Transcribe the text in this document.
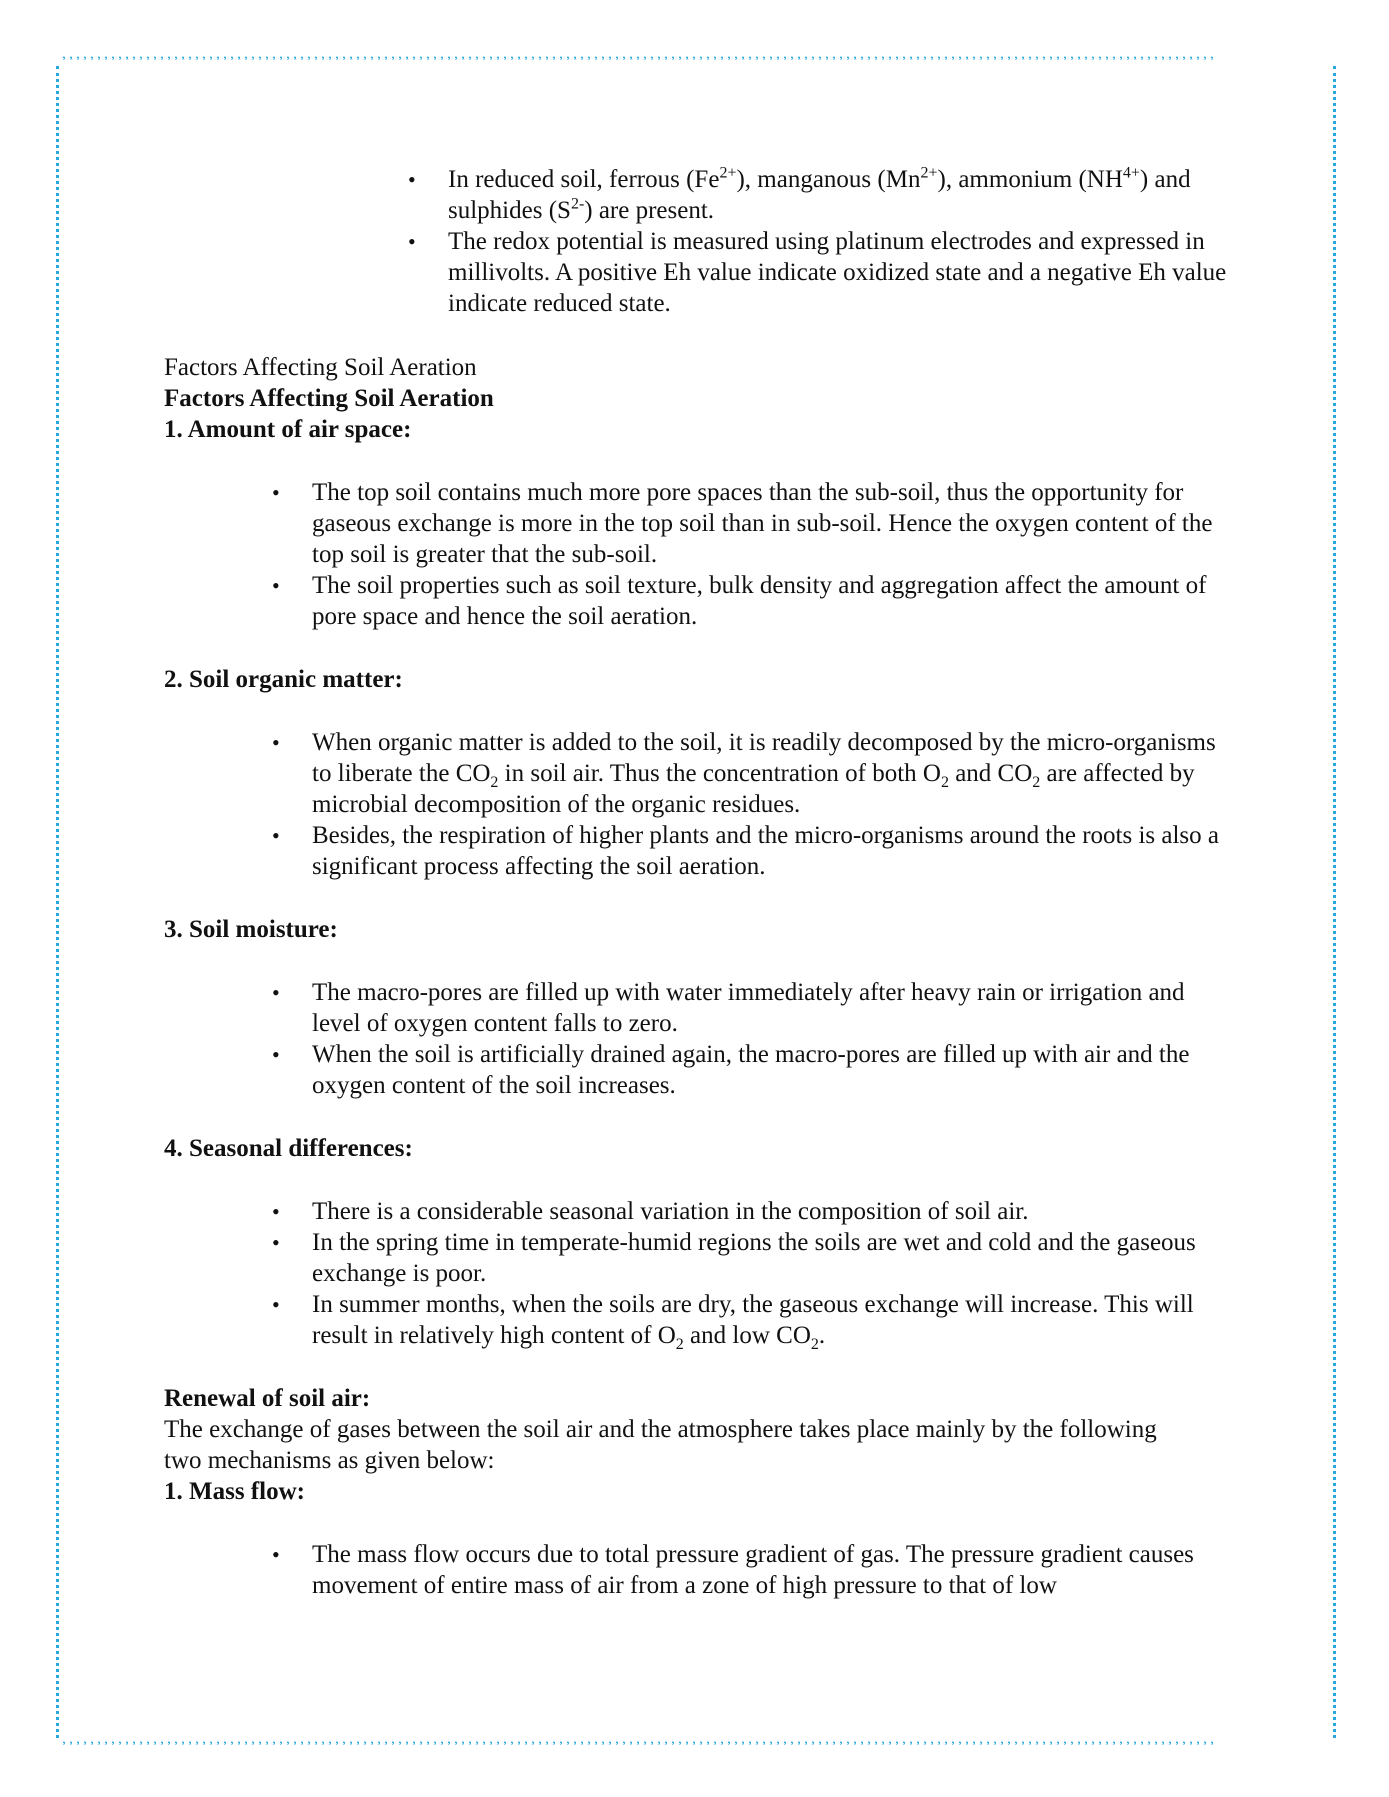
,,,,,,,,,,,,,,,,,,,,,,,,,,,,,,,,,,,,,,,,,,,,,,,,,,,,,,,,,,,,,,,,,,,,,,,,,,,,,,,,,,,,,,,,,,,,,,,,,,,,,,,,,,,,,,,,,,,,,,,,,,,,,,,,,,,,,,,,,,,,,,,,,,,,,,,,,,,,,,,,,,,,,
,,,,,,,,,,,,,,,,,,,,,,,,,,,,,,,,,,,,,,,,,,,,,,,,,,,,,,,,,,,,,,,,,,,,,,,,,,,,,,,,,,,,,,,,,,,,,,,,,,,,,,,,,,,,,,,,,,,,,,,,,,,,,,,,,,,,,,,,,,,,,,,,,,,,,,,,,,,,,,,,,,,,,
• In reduced soil, ferrous $(Fe^{2+})$, manganous $(Mn^{2+})$, ammonium $(NH^{4+})$ and sulphides $(S^{2-})$ are present.
• The redox potential is measured using platinum electrodes and expressed in millivolts. A positive Eh value indicate oxidized state and a negative Eh value indicate reduced state.

Factors Affecting Soil Aeration

Factors Affecting Soil Aeration

1. Amount of air space:

• The top soil contains much more pore spaces than the sub-soil, thus the opportunity for gaseous exchange is more in the top soil than in sub-soil. Hence the oxygen content of the top soil is greater that the sub-soil.
• The soil properties such as soil texture, bulk density and aggregation affect the amount of pore space and hence the soil aeration.

2. Soil organic matter:

• When organic matter is added to the soil, it is readily decomposed by the micro-organisms to liberate the $CO_2$ in soil air. Thus the concentration of both $O_2$ and $CO_2$ are affected by microbial decomposition of the organic residues.
• Besides, the respiration of higher plants and the micro-organisms around the roots is also a significant process affecting the soil aeration.

3. Soil moisture:

• The macro-pores are filled up with water immediately after heavy rain or irrigation and level of oxygen content falls to zero.
• When the soil is artificially drained again, the macro-pores are filled up with air and the oxygen content of the soil increases.

4. Seasonal differences:

• There is a considerable seasonal variation in the composition of soil air.
• In the spring time in temperate-humid regions the soils are wet and cold and the gaseous exchange is poor.
• In summer months, when the soils are dry, the gaseous exchange will increase. This will result in relatively high content of $O_2$ and low $CO_2$.

Renewal of soil air:

The exchange of gases between the soil air and the atmosphere takes place mainly by the following two mechanisms as given below:

1. Mass flow:

• The mass flow occurs due to total pressure gradient of gas. The pressure gradient causes movement of entire mass of air from a zone of high pressure to that of low
